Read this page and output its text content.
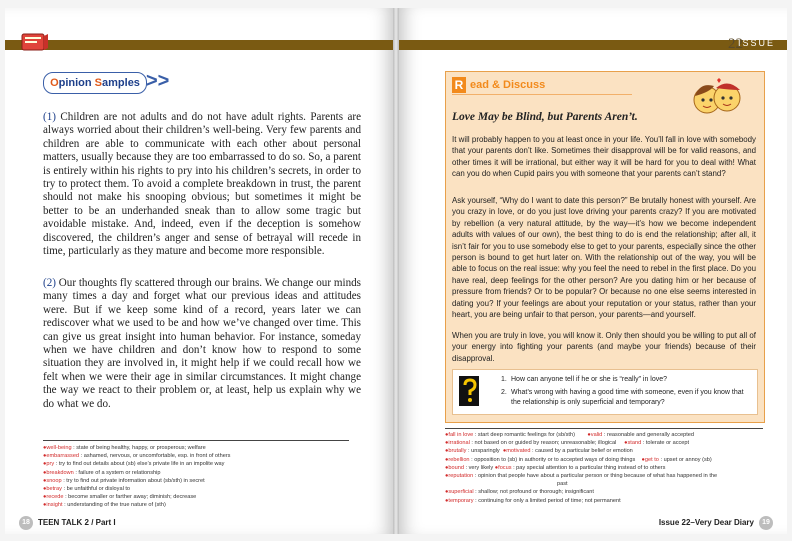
Opinion Samples >>
(1) Children are not adults and do not have adult rights. Parents are always worried about their children’s well-being. Very few parents and children are able to communicate with each other about personal matters, usually because they are too embarrassed to do so. So, a parent is entirely within his rights to pry into his children’s secrets, in order to try to protect them. To avoid a complete breakdown in trust, the parent should not make his snooping obvious; but sometimes it might be better to be an underhanded sneak than to allow some tragic but avoidable mistake. And, indeed, even if the deception is somehow discovered, the children’s anger and sense of betrayal will recede in time, particularly as they mature and become more responsible.
(2) Our thoughts fly scattered through our brains. We change our minds many times a day and forget what our previous ideas and attitudes were. But if we keep some kind of a record, years later we can rediscover what we used to be and how we’ve changed over time. This can give us great insight into human behavior. For instance, someday when we have children and don’t know how to respond to some situation they are involved in, it might help if we could recall how we felt when we were their age in similar circumstances. It might change the way we react to their problem or, at least, help us explain why we do what we do.
●well-being : state of being healthy, happy, or prosperous; welfare
●embarrassed : ashamed, nervous, or uncomfortable, esp. in front of others
●pry : try to find out details about (sb) else’s private life in an impolite way
●breakdown : failure of a system or relationship
●snoop : try to find out private information about (sb/sth) in secret
●betray : be unfaithful or disloyal to
●recede : become smaller or farther away; diminish; decrease
●insight : understanding of the true nature of (sth)
18 TEEN TALK 2 / Part I
22
ISSUE
R ead & Discuss
Love May be Blind, but Parents Aren’t.
It will probably happen to you at least once in your life. You’ll fall in love with somebody that your parents don’t like. Sometimes their disapproval will be for valid reasons, and other times it will be irrational, but either way it will be hard for you to deal with! What can you do when Cupid pairs you with someone that your parents can’t stand?
Ask yourself, “Why do I want to date this person?” Be brutally honest with yourself. Are you crazy in love, or do you just love driving your parents crazy? If you are motivated by rebellion (a very natural attitude, by the way—it’s how we become independent adults with values of our own), the best thing to do is end the relationship; after all, it isn’t fair for you to use somebody else to get to your parents, especially since the other person is bound to get hurt later on. With the relationship out of the way, you will be able to focus on the real issue: why you feel the need to rebel in the first place. Do you have real, deep feelings for the other person? Are you dating him or her because of pressure from friends? Or to be popular? Or because no one else seems interested in dating you? If your feelings are about your reputation or your status, rather than your heart, you are being unfair to that person, your parents—and yourself.
When you are truly in love, you will know it. Only then should you be willing to put all of your energy into fighting your parents (and maybe your friends) because of their disapproval.
1. How can anyone tell if he or she is “really” in love?
2. What’s wrong with having a good time with someone, even if you know that the relationship is only superficial and temporary?
●fall in love : start deep romantic feelings for (sb/sth) ●valid : reasonable and generally accepted
●irrational : not based on or guided by reason; unreasonable; illogical ●stand : tolerate or accept
●brutally : unsparingly ●motivated : caused by a particular belief or emotion
●rebellion : opposition to (sb) in authority or to accepted ways of doing things ●get to : upset or annoy (sb)
●bound : very likely ●focus : pay special attention to a particular thing instead of to others
●reputation : opinion that people have about a particular person or thing because of what has happened in the
past
●superficial : shallow; not profound or thorough; insignificant
●temporary : continuing for only a limited period of time; not permanent
Issue 22–Very Dear Diary 19
